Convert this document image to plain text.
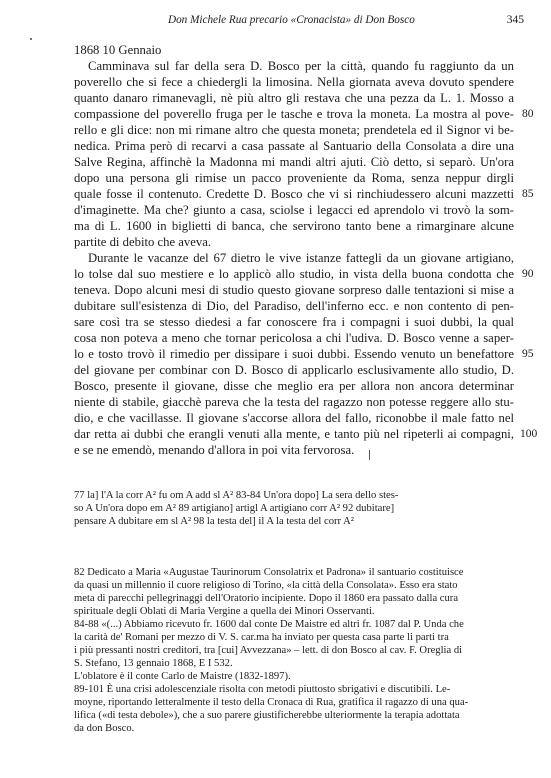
Don Michele Rua precario «Cronacista» di Don Bosco	345
1868 10 Gennaio
Camminava sul far della sera D. Bosco per la città, quando fu raggiunto da un
poverello che si fece a chiedergli la limosina. Nella giornata aveva dovuto spendere
quanto danaro rimanevagli, nè più altro gli restava che una pezza da L. 1. Mosso a
compassione del poverello fruga per le tasche e trova la moneta. La mostra al pove-
rello e gli dice: non mi rimane altro che questa moneta; prendetela ed il Signor vi be-
nedica. Prima però di recarvi a casa passate al Santuario della Consolata a dire una
Salve Regina, affinchè la Madonna mi mandi altri ajuti. Ciò detto, si separò. Un'ora
dopo una persona gli rimise un pacco proveniente da Roma, senza neppur dirgli
quale fosse il contenuto. Credette D. Bosco che vi si rinchiudessero alcuni mazzetti
d'imaginette. Ma che? giunto a casa, sciolse i legacci ed aprendolo vi trovò la som-
ma di L. 1600 in biglietti di banca, che servirono tanto bene a rimarginare alcune
partite di debito che aveva.
Durante le vacanze del 67 dietro le vive istanze fattegli da un giovane artigiano,
lo tolse dal suo mestiere e lo applicò allo studio, in vista della buona condotta che
teneva. Dopo alcuni mesi di studio questo giovane sorpreso dalle tentazioni si mise a
dubitare sull'esistenza di Dio, del Paradiso, dell'inferno ecc. e non contento di pen-
sare così tra se stesso diedesi a far conoscere fra i compagni i suoi dubbi, la qual
cosa non poteva a meno che tornar pericolosa a chi l'udiva. D. Bosco venne a saper-
lo e tosto trovò il rimedio per dissipare i suoi dubbi. Essendo venuto un benefattore
del giovane per combinar con D. Bosco di applicarlo esclusivamente allo studio, D.
Bosco, presente il giovane, disse che meglio era per allora non ancora determinar
niente di stabile, giacchè pareva che la testa del ragazzo non potesse reggere allo stu-
dio, e che vacillasse. Il giovane s'accorse allora del fallo, riconobbe il male fatto nel
dar retta ai dubbi che erangli venuti alla mente, e tanto più nel ripeterli ai compagni,
e se ne emendò, menando d'allora in poi vita fervorosa.
80
85
90
95
100
77 la] l'A la corr A² fu om A add sl A² 83-84 Un'ora dopo] La sera dello stes-
so A Un'ora dopo em A² 89 artigiano] artigl A artigiano corr A² 92 dubitare]
pensare A dubitare em sl A² 98 la testa del] il A la testa del corr A²
82 Dedicato a Maria «Augustae Taurinorum Consolatrix et Padrona» il santuario costituisce
da quasi un millennio il cuore religioso di Torino, «la città della Consolata». Esso era stato
meta di parecchi pellegrinaggi dell'Oratorio incipiente. Dopo il 1860 era passato dalla cura
spirituale degli Oblati di Maria Vergine a quella dei Minori Osservanti.
84-88 «(...) Abbiamo ricevuto fr. 1600 dal conte De Maistre ed altri fr. 1087 dal P. Unda che
la carità de' Romani per mezzo di V. S. car.ma ha inviato per questa casa parte li parti tra
i più pressanti nostri creditori, tra [cui] Avvezzana» – lett. di don Bosco al cav. F. Oreglia di
S. Stefano, 13 gennaio 1868, E I 532.
L'oblatore è il conte Carlo de Maistre (1832-1897).
89-101 È una crisi adolescenziale risolta con metodi piuttosto sbrigativi e discutibili. Le-
moyne, riportando letteralmente il testo della Cronaca di Rua, gratifica il ragazzo di una qua-
lifica («di testa debole»), che a suo parere giustificherebbe ulteriormente la terapia adottata
da don Bosco.
